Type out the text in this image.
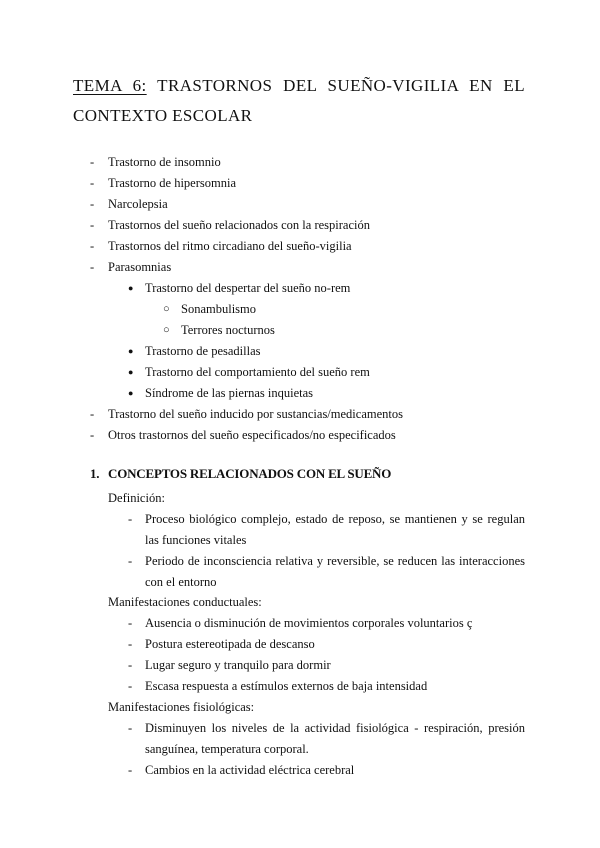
TEMA 6: TRASTORNOS DEL SUEÑO-VIGILIA EN EL CONTEXTO ESCOLAR
- Trastorno de insomnio
- Trastorno de hipersomnia
- Narcolepsia
- Trastornos del sueño relacionados con la respiración
- Trastornos del ritmo circadiano del sueño-vigilia
- Parasomnias
● Trastorno del despertar del sueño no-rem
○ Sonambulismo
○ Terrores nocturnos
● Trastorno de pesadillas
● Trastorno del comportamiento del sueño rem
● Síndrome de las piernas inquietas
- Trastorno del sueño inducido por sustancias/medicamentos
- Otros trastornos del sueño especificados/no especificados
1. CONCEPTOS RELACIONADOS CON EL SUEÑO
Definición:
- Proceso biológico complejo, estado de reposo, se mantienen y se regulan las funciones vitales
- Periodo de inconsciencia relativa y reversible, se reducen las interacciones con el entorno
Manifestaciones conductuales:
- Ausencia o disminución de movimientos corporales voluntarios ç
- Postura estereotipada de descanso
- Lugar seguro y tranquilo para dormir
- Escasa respuesta a estímulos externos de baja intensidad
Manifestaciones fisiológicas:
- Disminuyen los niveles de la actividad fisiológica - respiración, presión sanguínea, temperatura corporal.
- Cambios en la actividad eléctrica cerebral
